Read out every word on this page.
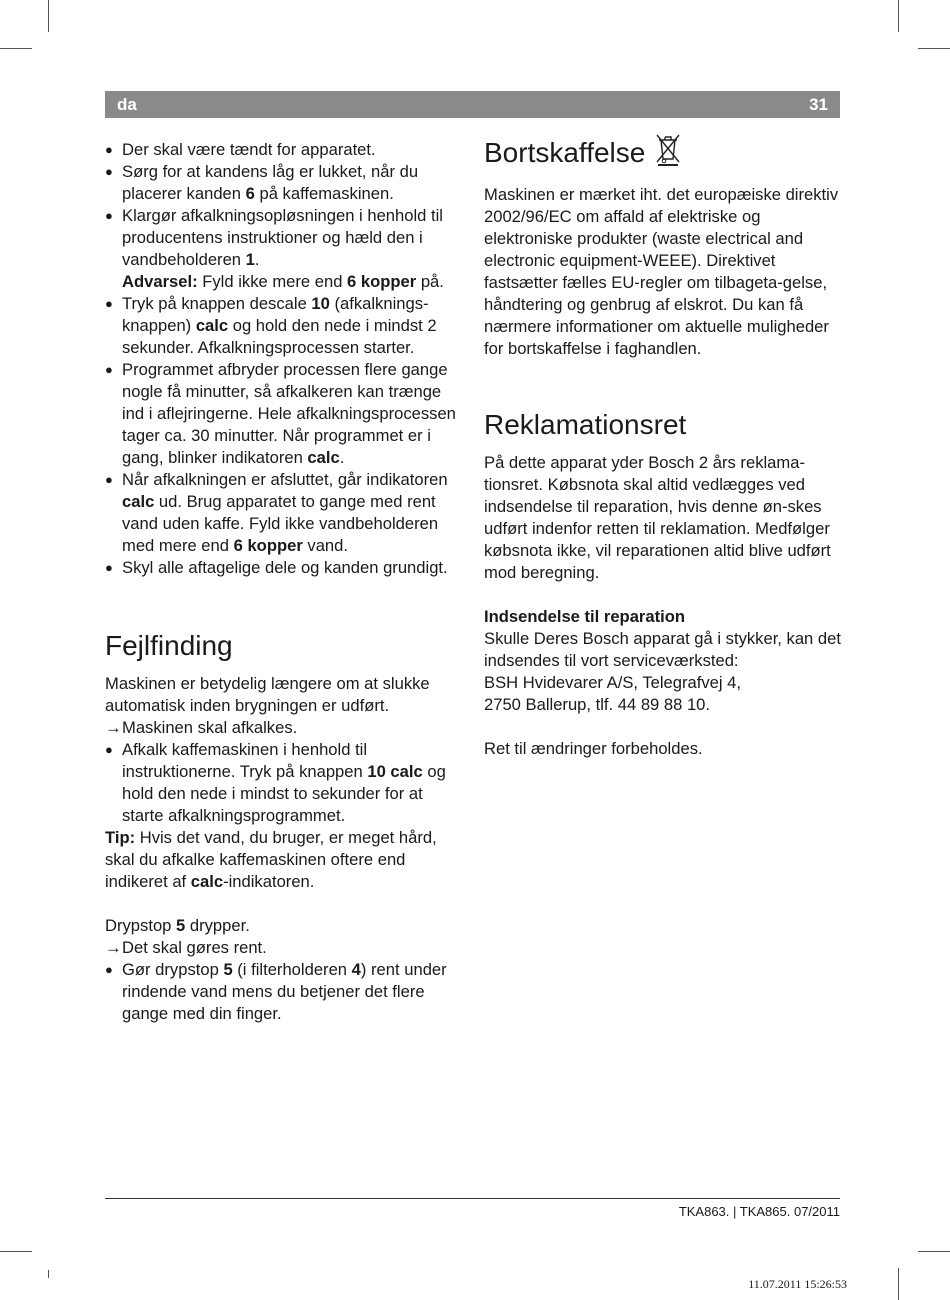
da	31

● Der skal være tændt for apparatet.

● Sørg for at kandens låg er lukket, når du placerer kanden 6 på kaffemaskinen.

● Klargør afkalkningsopløsningen i henhold til producentens instruktioner og hæld den i vandbeholderen 1.

Advarsel: Fyld ikke mere end 6 kopper på.

● Tryk på knappen descale 10 (afkalknings-knappen) calc og hold den nede i mindst 2 sekunder. Afkalkningsprocessen starter.

● Programmet afbryder processen flere gange nogle få minutter, så afkalkeren kan trænge ind i aflejringerne. Hele afkalkningsprocessen tager ca. 30 minutter. Når programmet er i gang, blinker indikatoren calc.

● Når afkalkningen er afsluttet, går indikatoren calc ud. Brug apparatet to gange med rent vand uden kaffe. Fyld ikke vandbeholderen med mere end 6 kopper vand.

● Skyl alle aftagelige dele og kanden grundigt.

Fejlfinding

Maskinen er betydelig længere om at slukke automatisk inden brygningen er udført.

→ Maskinen skal afkalkes.

● Afkalk kaffemaskinen i henhold til instruktionerne. Tryk på knappen 10 calc og hold den nede i mindst to sekunder for at starte afkalkningsprogrammet.

Tip: Hvis det vand, du bruger, er meget hård, skal du afkalke kaffemaskinen oftere end indikeret af calc-indikatoren.

Drypstop 5 drypper.

→ Det skal gøres rent.

● Gør drypstop 5 (i filterholderen 4) rent under rindende vand mens du betjener det flere gange med din finger.

Bortskaffelse

Maskinen er mærket iht. det europæiske direktiv 2002/96/EC om affald af elektriske og elektroniske produkter (waste electrical and electronic equipment-WEEE). Direktivet fastsætter fælles EU-regler om tilbageta-gelse, håndtering og genbrug af elskrot. Du kan få nærmere informationer om aktuelle muligheder for bortskaffelse i faghandlen.

Reklamationsret

På dette apparat yder Bosch 2 års reklama-tionsret. Købsnota skal altid vedlægges ved indsendelse til reparation, hvis denne øn-skes udført indenfor retten til reklamation. Medfølger købsnota ikke, vil reparationen altid blive udført mod beregning.

Indsendelse til reparation

Skulle Deres Bosch apparat gå i stykker, kan det indsendes til vort serviceværksted:

BSH Hvidevarer A/S, Telegrafvej 4,

2750 Ballerup, tlf. 44 89 88 10.

Ret til ændringer forbeholdes.

TKA863. | TKA865. 07/2011
11.07.2011 15:26:53
